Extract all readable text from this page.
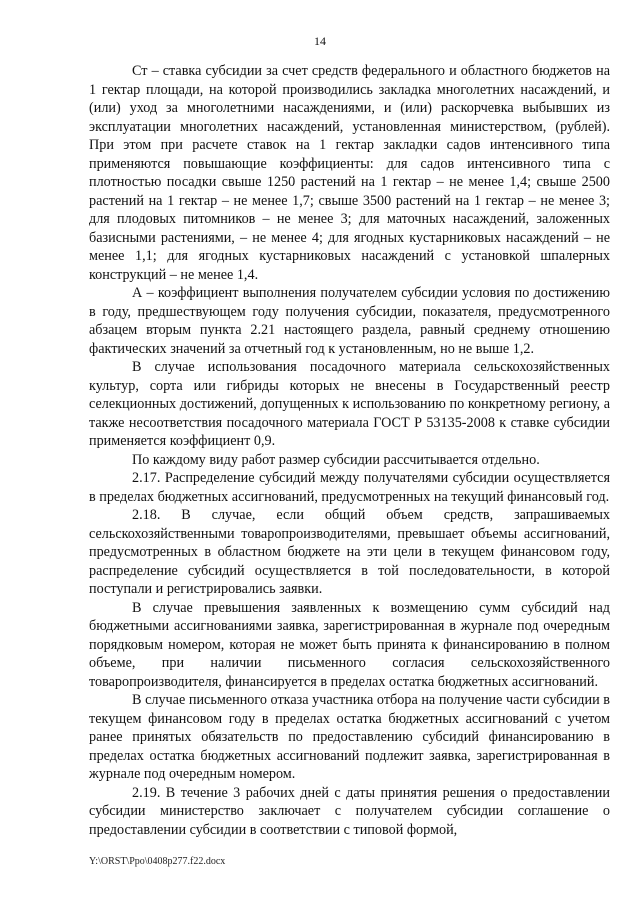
14

Ст – ставка субсидии за счет средств федерального и областного бюджетов на 1 гектар площади, на которой производились закладка многолетних насаждений, и (или) уход за многолетними насаждениями, и (или) раскорчевка выбывших из эксплуатации многолетних насаждений, установленная министерством, (рублей). При этом при расчете ставок на 1 гектар закладки садов интенсивного типа применяются повышающие коэффициенты: для садов интенсивного типа с плотностью посадки свыше 1250 растений на 1 гектар – не менее 1,4; свыше 2500 растений на 1 гектар – не менее 1,7; свыше 3500 растений на 1 гектар – не менее 3; для плодовых питомников – не менее 3; для маточных насаждений, заложенных базисными растениями, – не менее 4; для ягодных кустарниковых насаждений – не менее 1,1; для ягодных кустарниковых насаждений с установкой шпалерных конструкций – не менее 1,4.

А – коэффициент выполнения получателем субсидии условия по достижению в году, предшествующем году получения субсидии, показателя, предусмотренного абзацем вторым пункта 2.21 настоящего раздела, равный среднему отношению фактических значений за отчетный год к установленным, но не выше 1,2.

В случае использования посадочного материала сельскохозяйственных культур, сорта или гибриды которых не внесены в Государственный реестр селекционных достижений, допущенных к использованию по конкретному региону, а также несоответствия посадочного материала ГОСТ Р 53135-2008 к ставке субсидии применяется коэффициент 0,9.

По каждому виду работ размер субсидии рассчитывается отдельно.

2.17. Распределение субсидий между получателями субсидии осуществляется в пределах бюджетных ассигнований, предусмотренных на текущий финансовый год.

2.18. В случае, если общий объем средств, запрашиваемых сельскохозяйственными товаропроизводителями, превышает объемы ассигнований, предусмотренных в областном бюджете на эти цели в текущем финансовом году, распределение субсидий осуществляется в той последовательности, в которой поступали и регистрировались заявки.

В случае превышения заявленных к возмещению сумм субсидий над бюджетными ассигнованиями заявка, зарегистрированная в журнале под очередным порядковым номером, которая не может быть принята к финансированию в полном объеме, при наличии письменного согласия сельскохозяйственного товаропроизводителя, финансируется в пределах остатка бюджетных ассигнований.

В случае письменного отказа участника отбора на получение части субсидии в текущем финансовом году в пределах остатка бюджетных ассигнований с учетом ранее принятых обязательств по предоставлению субсидий финансированию в пределах остатка бюджетных ассигнований подлежит заявка, зарегистрированная в журнале под очередным номером.

2.19. В течение 3 рабочих дней с даты принятия решения о предоставлении субсидии министерство заключает с получателем субсидии соглашение о предоставлении субсидии в соответствии с типовой формой,

Y:\ORST\Ppo\0408p277.f22.docx
